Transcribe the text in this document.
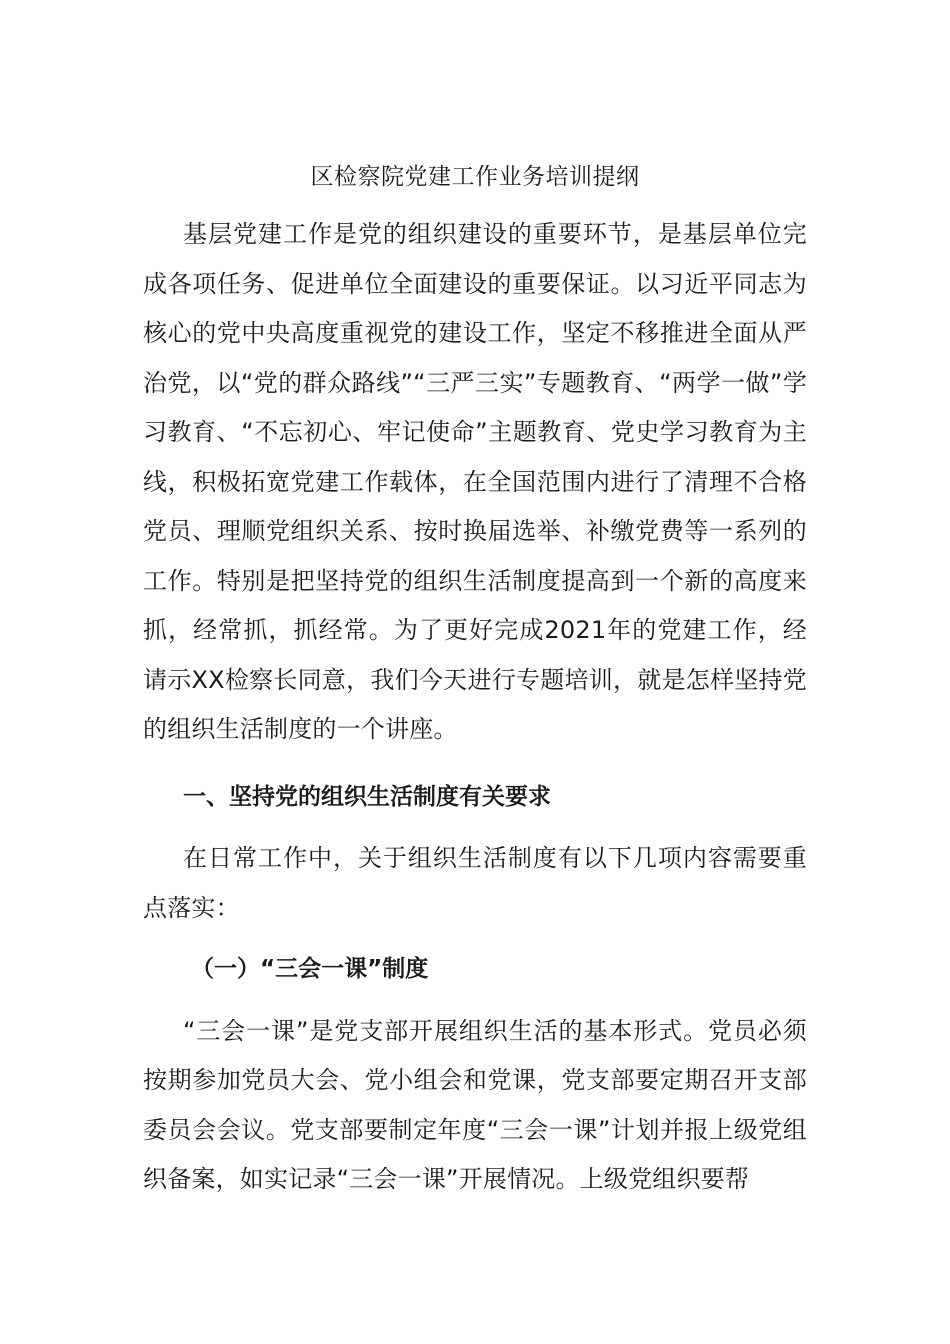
区检察院党建工作业务培训提纲

基层党建工作是党的组织建设的重要环节，是基层单位完成各项任务、促进单位全面建设的重要保证。以习近平同志为核心的党中央高度重视党的建设工作，坚定不移推进全面从严治党，以“党的群众路线”“三严三实”专题教育、“两学一做”学习教育、“不忘初心、牢记使命”主题教育、党史学习教育为主线，积极拓宽党建工作载体，在全国范围内进行了清理不合格党员、理顺党组织关系、按时换届选举、补缴党费等一系列的工作。特别是把坚持党的组织生活制度提高到一个新的高度来抓，经常抓，抓经常。为了更好完成2021年的党建工作，经请示XX检察长同意，我们今天进行专题培训，就是怎样坚持党的组织生活制度的一个讲座。

一、坚持党的组织生活制度有关要求

在日常工作中，关于组织生活制度有以下几项内容需要重点落实：

（一）“三会一课”制度

“三会一课”是党支部开展组织生活的基本形式。党员必须按期参加党员大会、党小组会和党课，党支部要定期召开支部委员会会议。党支部要制定年度“三会一课”计划并报上级党组织备案，如实记录“三会一课”开展情况。上级党组织要帮
